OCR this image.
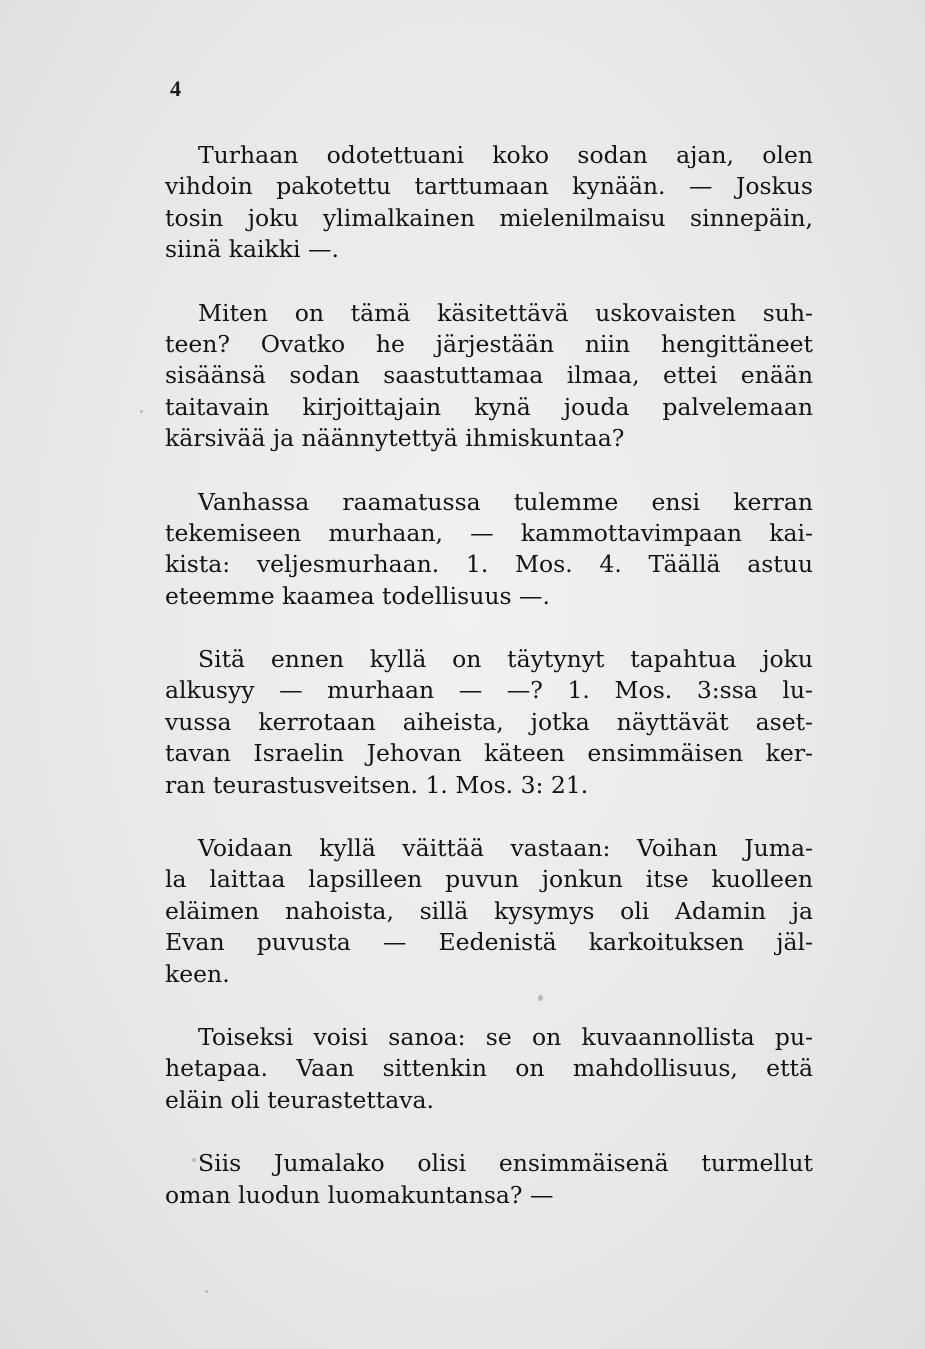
4

Turhaan odotettuani koko sodan ajan, olen
vihdoin pakotettu tarttumaan kynään. — Joskus
tosin joku ylimalkainen mielenilmaisu sinnepäin,
siinä kaikki —.

Miten on tämä käsitettävä uskovaisten suh-
teen? Ovatko he järjestään niin hengittäneet
sisäänsä sodan saastuttamaa ilmaa, ettei enään
taitavain kirjoittajain kynä jouda palvelemaan
kärsivää ja näännytettyä ihmiskuntaa?

Vanhassa raamatussa tulemme ensi kerran
tekemiseen murhaan, — kammottavimpaan kai-
kista: veljesmurhaan. 1. Mos. 4. Täällä astuu
eteemme kaamea todellisuus —.

Sitä ennen kyllä on täytynyt tapahtua joku
alkusyy — murhaan — —? 1. Mos. 3:ssa lu-
vussa kerrotaan aiheista, jotka näyttävät aset-
tavan Israelin Jehovan käteen ensimmäisen ker-
ran teurastusveitsen. 1. Mos. 3: 21.

Voidaan kyllä väittää vastaan: Voihan Juma-
la laittaa lapsilleen puvun jonkun itse kuolleen
eläimen nahoista, sillä kysymys oli Adamin ja
Evan puvusta — Eedenistä karkoituksen jäl-
keen.

Toiseksi voisi sanoa: se on kuvaannollista pu-
hetapaa. Vaan sittenkin on mahdollisuus, että
eläin oli teurastettava.

Siis Jumalako olisi ensimmäisenä turmellut
oman luodun luomakuntansa? —
